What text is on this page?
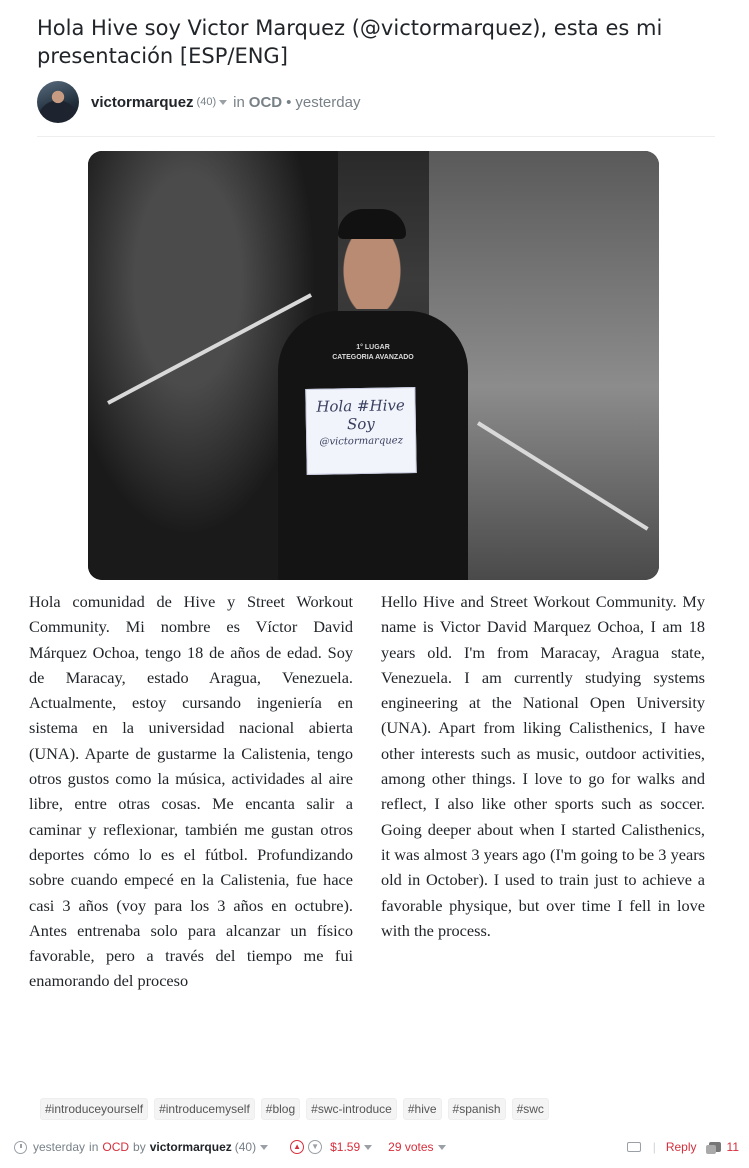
Hola Hive soy Victor Marquez (@victormarquez), esta es mi presentación [ESP/ENG]
victormarquez (40) in OCD • yesterday
1° LUGAR
CATEGORIA AVANZADO
Hola #Hive
Soy
@victormarquez

Hola comunidad de Hive y Street Workout Community. Mi nombre es Víctor David Márquez Ochoa, tengo 18 de años de edad. Soy de Maracay, estado Aragua, Venezuela. Actualmente, estoy cursando ingeniería en sistema en la universidad nacional abierta (UNA). Aparte de gustarme la Calistenia, tengo otros gustos como la música, actividades al aire libre, entre otras cosas. Me encanta salir a caminar y reflexionar, también me gustan otros deportes cómo lo es el fútbol. Profundizando sobre cuando empecé en la Calistenia, fue hace casi 3 años (voy para los 3 años en octubre). Antes entrenaba solo para alcanzar un físico favorable, pero a través del tiempo me fui enamorando del proceso

Hello Hive and Street Workout Community. My name is Victor David Marquez Ochoa, I am 18 years old. I'm from Maracay, Aragua state, Venezuela. I am currently studying systems engineering at the National Open University (UNA). Apart from liking Calisthenics, I have other interests such as music, outdoor activities, among other things. I love to go for walks and reflect, I also like other sports such as soccer. Going deeper about when I started Calisthenics, it was almost 3 years ago (I'm going to be 3 years old in October). I used to train just to achieve a favorable physique, but over time I fell in love with the process.

#introduceyourself	#introducemyself	#blog	#swc-introduce	#hive	#spanish	#swc
yesterday in OCD by victormarquez (40)	▲	▼ $1.59 29 votes	| Reply	11
